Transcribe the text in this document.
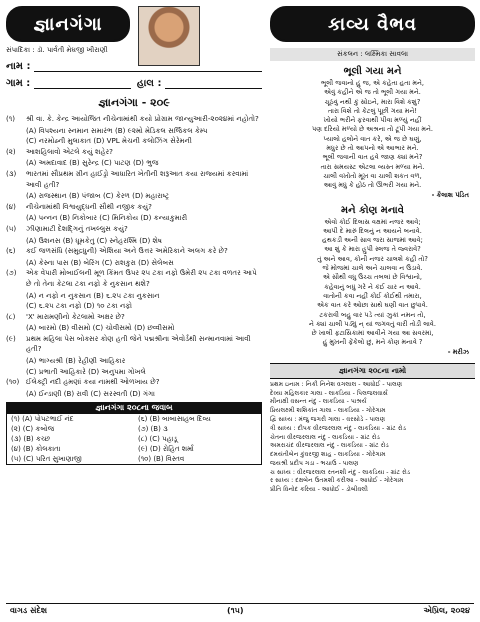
જ્ઞાનગંગા
સંપાદિકા : ડૉ. પાર્વતી મેઘજી ખીરાણી
નામ :
ગામ :	હાલ :
જ્ઞાનગંગા - ૨૦૯
(૧)	શ્રી વા. કે. કેન્દ્ર આયોજિત નીચેનામાંથી કયો પ્રોગ્રામ જાન્યુઆરી-૨૦૨૪માં નહોતો?
(A) વિપશ્યના સ્નમાન સમારંભ (B) ૯૨મો મેડિકલ સર્જિકલ કેમ્પ
(C) નરમોહ્ની મુલાકાત (D) VPL મેચની કલોઝિંગ સેરેમની
(૨)	આશહિલાવો એટલે કયું શહેર?
(A) અમદાવાદ (B) સુરેન્દ્ર (C) પાટણ (D) ભુજ
(૩)	ભારતમાં સૌપ્રથમ ગ્રીન હાઈડ્રો આધારિત ખેતીની શરૂઆત કયા રાજ્યમાં કરવામાં આવી હતી?
(A) રાજસ્થાન (B) પંજાબ (C) કેરળ (D) મહારાષ્ટ્ર
(૪)	નીચેનામાંથી વિશ્વયુદ્ધની સૌથી નજીક કયું?
(A) પન્નન (B) નિકોબાર (C) મિનિકોય (D) કન્યાકુમારી
(૫)	ઝીણામાટી દેશદ્ગિનું તખલ્લુસ કયું?
(A) ઉશનસ (B) ધૂમકેતુ (C) સ્નેહરશ્મિ (D) શેષ
(૬)	કઈ જળસંધિ (સમુદ્રધુની) એશિયા અને ઉત્તર અમેરિકાને અલગ કરે છે?
(A) કેસ્ના પાસ (B) બેરિંગ (C) રાશકુરા (D) સેલેબસ
(૭)	એક વેપારી મોબાઈલની મૂળ કિંમત ઉપર ૨૫ ટકા નફો ઉમેરી ૨૫ ટકા વળતર આપે છે તો તેના કેટલા ટકા નફો કે નુકસાન થશે?
(A) ન નફો ન નુકસાન (B) ૬.૨૫ ટકા નુકસાન
(C) ૬.૨૫ ટકા નફો (D) ૧૦ ટકા નફો
(૮)	'X' મારામણીનો કેટલામો અક્ષર છે?
(A) બારમો (B) વીસમો (C) ચોવીસમો (D) છવ્વીસમો
(૯)	પ્રથમ મહિલા પેસ બોક્સર કોણ હતી જેને પદ્મશ્રીના એવોર્ડથી સન્માનવામાં આવી હતી?
(A) ભાગ્યશ્રી (B) રેહીણી આહિકાર
(C) પ્રભાતી આહિકારે (D) અનુપમા ગોખલે
(૧૦) ઈલેક્ટ્રી નદી હમણાં કયા નામથી ઓળખાય છે?
(A) ઈન્ડાણી (B) રાવી (C) સરસ્વતી (D) ગંગા
જ્ઞાનગંગા ૨૦૮ના જવાબ
(૧) (A) પોપટભાઈ નંદ	(૬) (B) બાબાસાહબ દિવ્ય
(૨) (C) કબોજ	(૭) (B) ૩
(૩) (B) કચ્છ	(૮) (C) પહાડૂ
(૪) (B) કોલકાતા	(૯) (D) રોહિત શર્મા
(૫) (C) પરિત સુખાણાજી	(૧૦) (B) વિસ્તવ
કાવ્ય વૈભવ
સંકલન : લક્ષ્મિકા સાવલા
ભૂલી ગયા મને
ભૂલી જવાનો હું જ, એ કહેતા હતા મને,
એવું કહીને એ જ તો ભૂલી ગયા મને.
ચૂઠવું નથી કું સોઇને, મારા વિશે કશું?
તારા વિશે તો કેટલું પૂછી ગયા મને!
ખોયો ભરીને ફરવાથી પીવા મળ્યું નહીં
પણ દરિયો મળ્યો છે અશ્રના તો ટૂંપી ગયા મને.
પ્યાલો હલોને વાત કરે, એ જ છે ઘણું,
મધુર છે તો આપનો એ આભાર મને.
ભૂલી જવાની વાત હવે જાણ ક્યાં મને?
તારા સમયસ્ટ એટલા વ્યસ્ત મળ્યા મને.
ચાલી વખોતો મૂખ વા ચાલી શકત વળ,
આવું મધું કે હોઠ તો ઊભરી ગયા મને.
- કૈલાશ પંડિત
મને કોણ મનાવે
એવો કોઈ દિલાસ વક્ષમાં નજર આવે;
આપી દે મારું દિલનું ન આયને બનાવે.
હથકડી અની સાવ જરા સાજમાં આવે;
આ શું કે મારા હ્રુપી સ્લજ તે જ્વરાવે?
તું અને આવ, કોની નજર ચાલશે કહી તો?
જે મોજમાં ચાલે અને ચાલવા ન ઉડાવે.
એ સૌથી વધુ ઉચ્ચ તબલાં છે વિશ્વાનો,
કહેવાનું બધું ગરે ને કંઈ ચાર ન આવે.
વાતોની કવા નહીં કોઈ કોઈથી તમારા,
એક વાત કરે ઓછા સાથે ઘણી વાત છુપાવે.
ટકરાવી બહુ વાર પડે ત્યાં ઝુકાં નમન તો,
ને ક્યાં ચાલી પડ્યું ન્ યાં જગવતું વારી તોડી લાવે.
છે ખાલી ફટાસિકામાં આવીને ગયા આ સવરમાં,
હું મુખની ફેંકેલો છું, મને કોણ મનાવે ?
- મરીઝ
જ્ઞાનગંગા ૨૦૮ના નામો
પ્રથમ ઇનામ : નિકી નિનેશ વગલાલ - આધોઈ - પાલણ
દેવ્યા મહિલકાર ગાલા - લાકડિયા - પિલજલવાર્સ
મીનાક્ષી વસન્ત નંદુ - લાકડિયા - પાશ્રર્ય
પ્રિયલક્ષ્મી શશિકાંત ગાલા - લાકડિયા - ગોરેગામ
દ્વિ સાધ્ય : મંજુ જગરી ગાલા - વરસોડે - પાલણ
ત્રી સાધ્ય : દીપક વીરજરલાલ નંદુ - લાકડિયા - ગ્રાંટ રોડ
ચેતના વીરજરલાલ નંદુ - લાકડિયા - ગ્રાંટ રોડ
અમરાચંદ વીરજરલાલ નંદુ - લાકડિયા - ગ્રાંટ રોડ
દમયંતીબેન કુંવરજી શાહ - લાકડિયા - ગોરેગામ
જયશ્રી પ્રદીપ ગડા - ભચાઉ - પાલણ
ચ સાધ્ય : વીરજરલાલ રતનશી નંદુ - લાકડિયા - ગ્રાંટ રોડ
ર સાધ્ય : દક્ષબેન ઉતમશી કરીઆ - આધોઈ - ગોરેગામ
પ્રીતિ વિનોદ કરિયા - આધોઈ - ડોબીવલી
વાગડ સંદેશ	(૧૫)	એપ્રિલ, ૨૦૨૪
